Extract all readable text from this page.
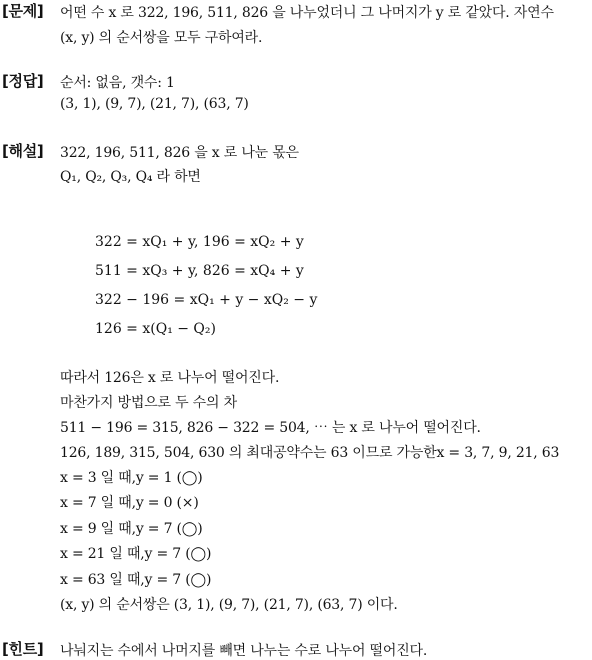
[문제] 어떤 수 x 로 322, 196, 511, 826 을 나누었더니 그 나머지가 y 로 같았다. 자연수
(x, y) 의 순서쌍을 모두 구하여라.
[정답] 순서: 없음, 갯수: 1
(3, 1), (9, 7), (21, 7), (63, 7)
[해설] 322, 196, 511, 826 을 x 로 나눈 몫은
Q₁, Q₂, Q₃, Q₄ 라 하면
322 = xQ₁ + y, 196 = xQ₂ + y
511 = xQ₃ + y, 826 = xQ₄ + y
322 − 196 = xQ₁ + y − xQ₂ − y
126 = x(Q₁ − Q₂)
따라서 126은 x 로 나누어 떨어진다.
마찬가지 방법으로 두 수의 차
511 − 196 = 315, 826 − 322 = 504, ⋯ 는 x 로 나누어 떨어진다.
126, 189, 315, 504, 630 의 최대공약수는 63 이므로 가능한x = 3, 7, 9, 21, 63
x = 3 일 때,y = 1 (◯)
x = 7 일 때,y = 0 (×)
x = 9 일 때,y = 7 (◯)
x = 21 일 때,y = 7 (◯)
x = 63 일 때,y = 7 (◯)
(x, y) 의 순서쌍은 (3, 1), (9, 7), (21, 7), (63, 7) 이다.
[힌트] 나눠지는 수에서 나머지를 빼면 나누는 수로 나누어 떨어진다.
